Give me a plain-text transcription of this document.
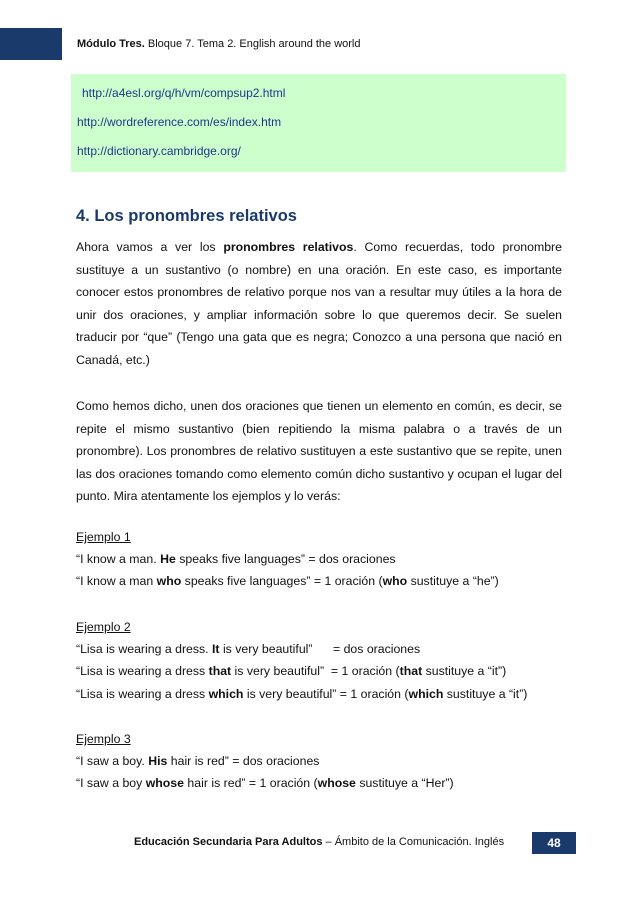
Módulo Tres. Bloque 7. Tema 2. English around the world
http://a4esl.org/q/h/vm/compsup2.html
http://wordreference.com/es/index.htm
http://dictionary.cambridge.org/
4. Los pronombres relativos
Ahora vamos a ver los pronombres relativos. Como recuerdas, todo pronombre sustituye a un sustantivo (o nombre) en una oración. En este caso, es importante conocer estos pronombres de relativo porque nos van a resultar muy útiles a la hora de unir dos oraciones, y ampliar información sobre lo que queremos decir. Se suelen traducir por “que” (Tengo una gata que es negra; Conozco a una persona que nació en Canadá, etc.)
Como hemos dicho, unen dos oraciones que tienen un elemento en común, es decir, se repite el mismo sustantivo (bien repitiendo la misma palabra o a través de un pronombre). Los pronombres de relativo sustituyen a este sustantivo que se repite, unen las dos oraciones tomando como elemento común dicho sustantivo y ocupan el lugar del punto. Mira atentamente los ejemplos y lo verás:
Ejemplo 1
“I know a man. He speaks five languages” = dos oraciones
“I know a man who speaks five languages” = 1 oración (who sustituye a “he”)
Ejemplo 2
“Lisa is wearing a dress. It is very beautiful”      = dos oraciones
“Lisa is wearing a dress that is very beautiful”  = 1 oración (that sustituye a “it”)
“Lisa is wearing a dress which is very beautiful” = 1 oración (which sustituye a “it”)
Ejemplo 3
“I saw a boy. His hair is red” = dos oraciones
“I saw a boy whose hair is red” = 1 oración (whose sustituye a “Her”)
Educación Secundaria Para Adultos – Ámbito de la Comunicación. Inglés	48
